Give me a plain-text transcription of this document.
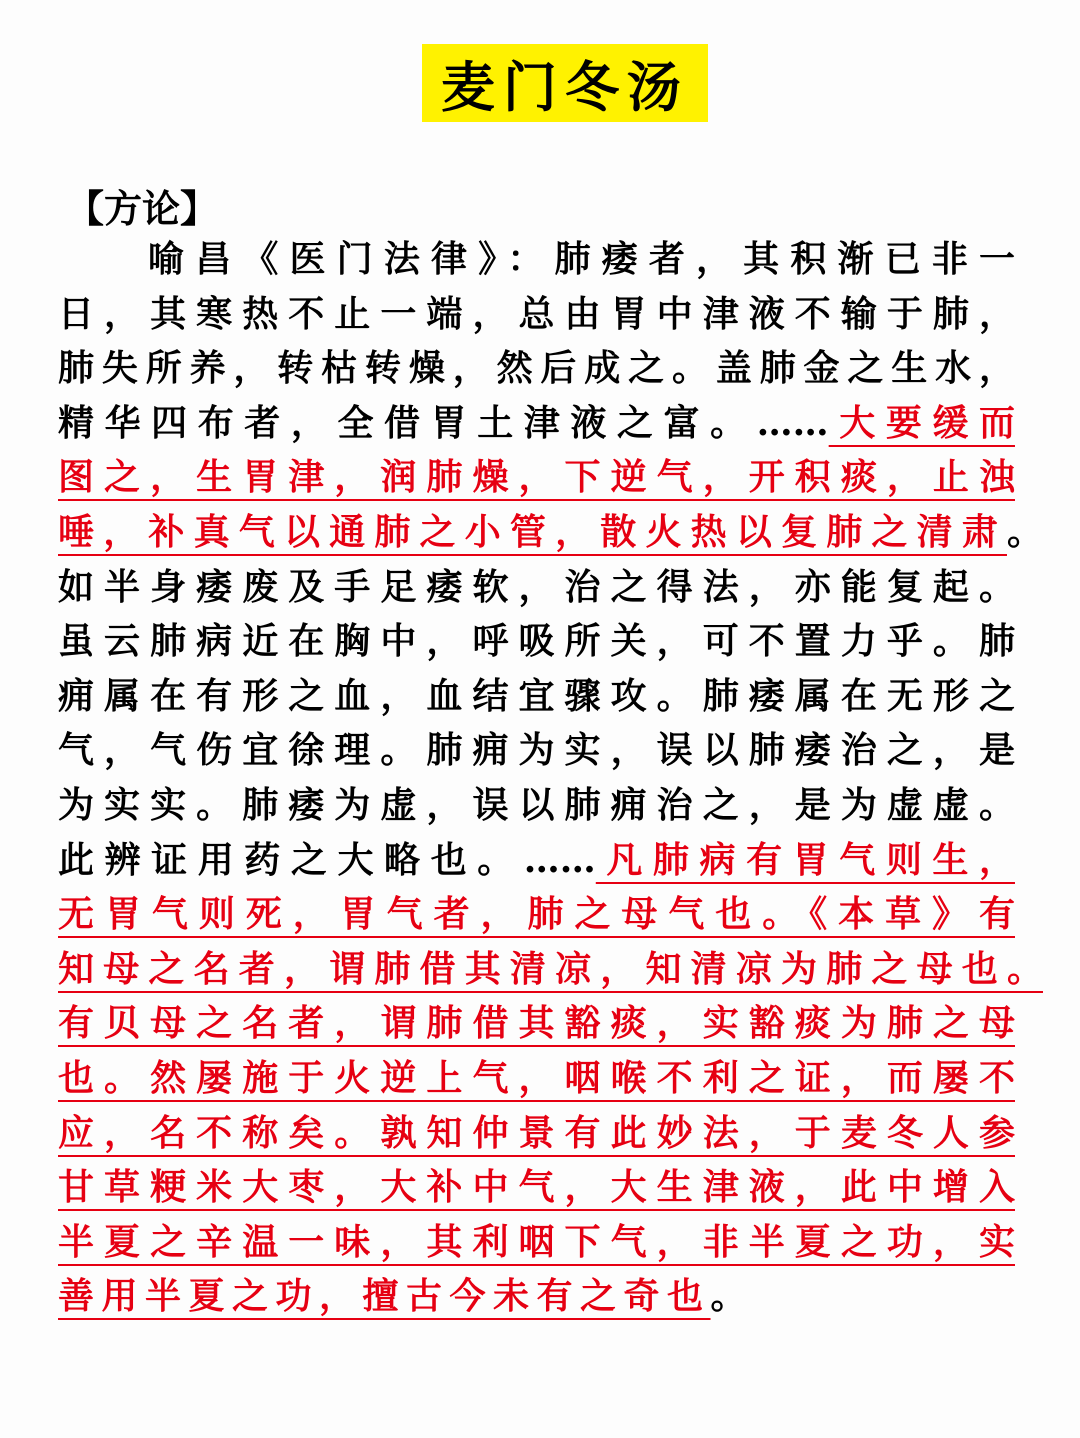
麦门冬汤
【方论】
喻昌《医门法律》：肺痿者，其积渐已非一
日，其寒热不止一端，总由胃中津液不输于肺，
肺失所养，转枯转燥，然后成之。盖肺金之生水，
精华四布者，全借胃土津液之富。……大要缓而
图之，生胃津，润肺燥，下逆气，开积痰，止浊
唾，补真气以通肺之小管，散火热以复肺之清肃。
如半身痿废及手足痿软，治之得法，亦能复起。
虽云肺病近在胸中，呼吸所关，可不置力乎。肺
痈属在有形之血，血结宜骤攻。肺痿属在无形之
气，气伤宜徐理。肺痈为实，误以肺痿治之，是
为实实。肺痿为虚，误以肺痈治之，是为虚虚。
此辨证用药之大略也。……凡肺病有胃气则生，
无胃气则死，胃气者，肺之母气也。《本草》有
知母之名者，谓肺借其清凉，知清凉为肺之母也。
有贝母之名者，谓肺借其豁痰，实豁痰为肺之母
也。然屡施于火逆上气，咽喉不利之证，而屡不
应，名不称矣。孰知仲景有此妙法，于麦冬人参
甘草粳米大枣，大补中气，大生津液，此中增入
半夏之辛温一味，其利咽下气，非半夏之功，实
善用半夏之功，擅古今未有之奇也。
